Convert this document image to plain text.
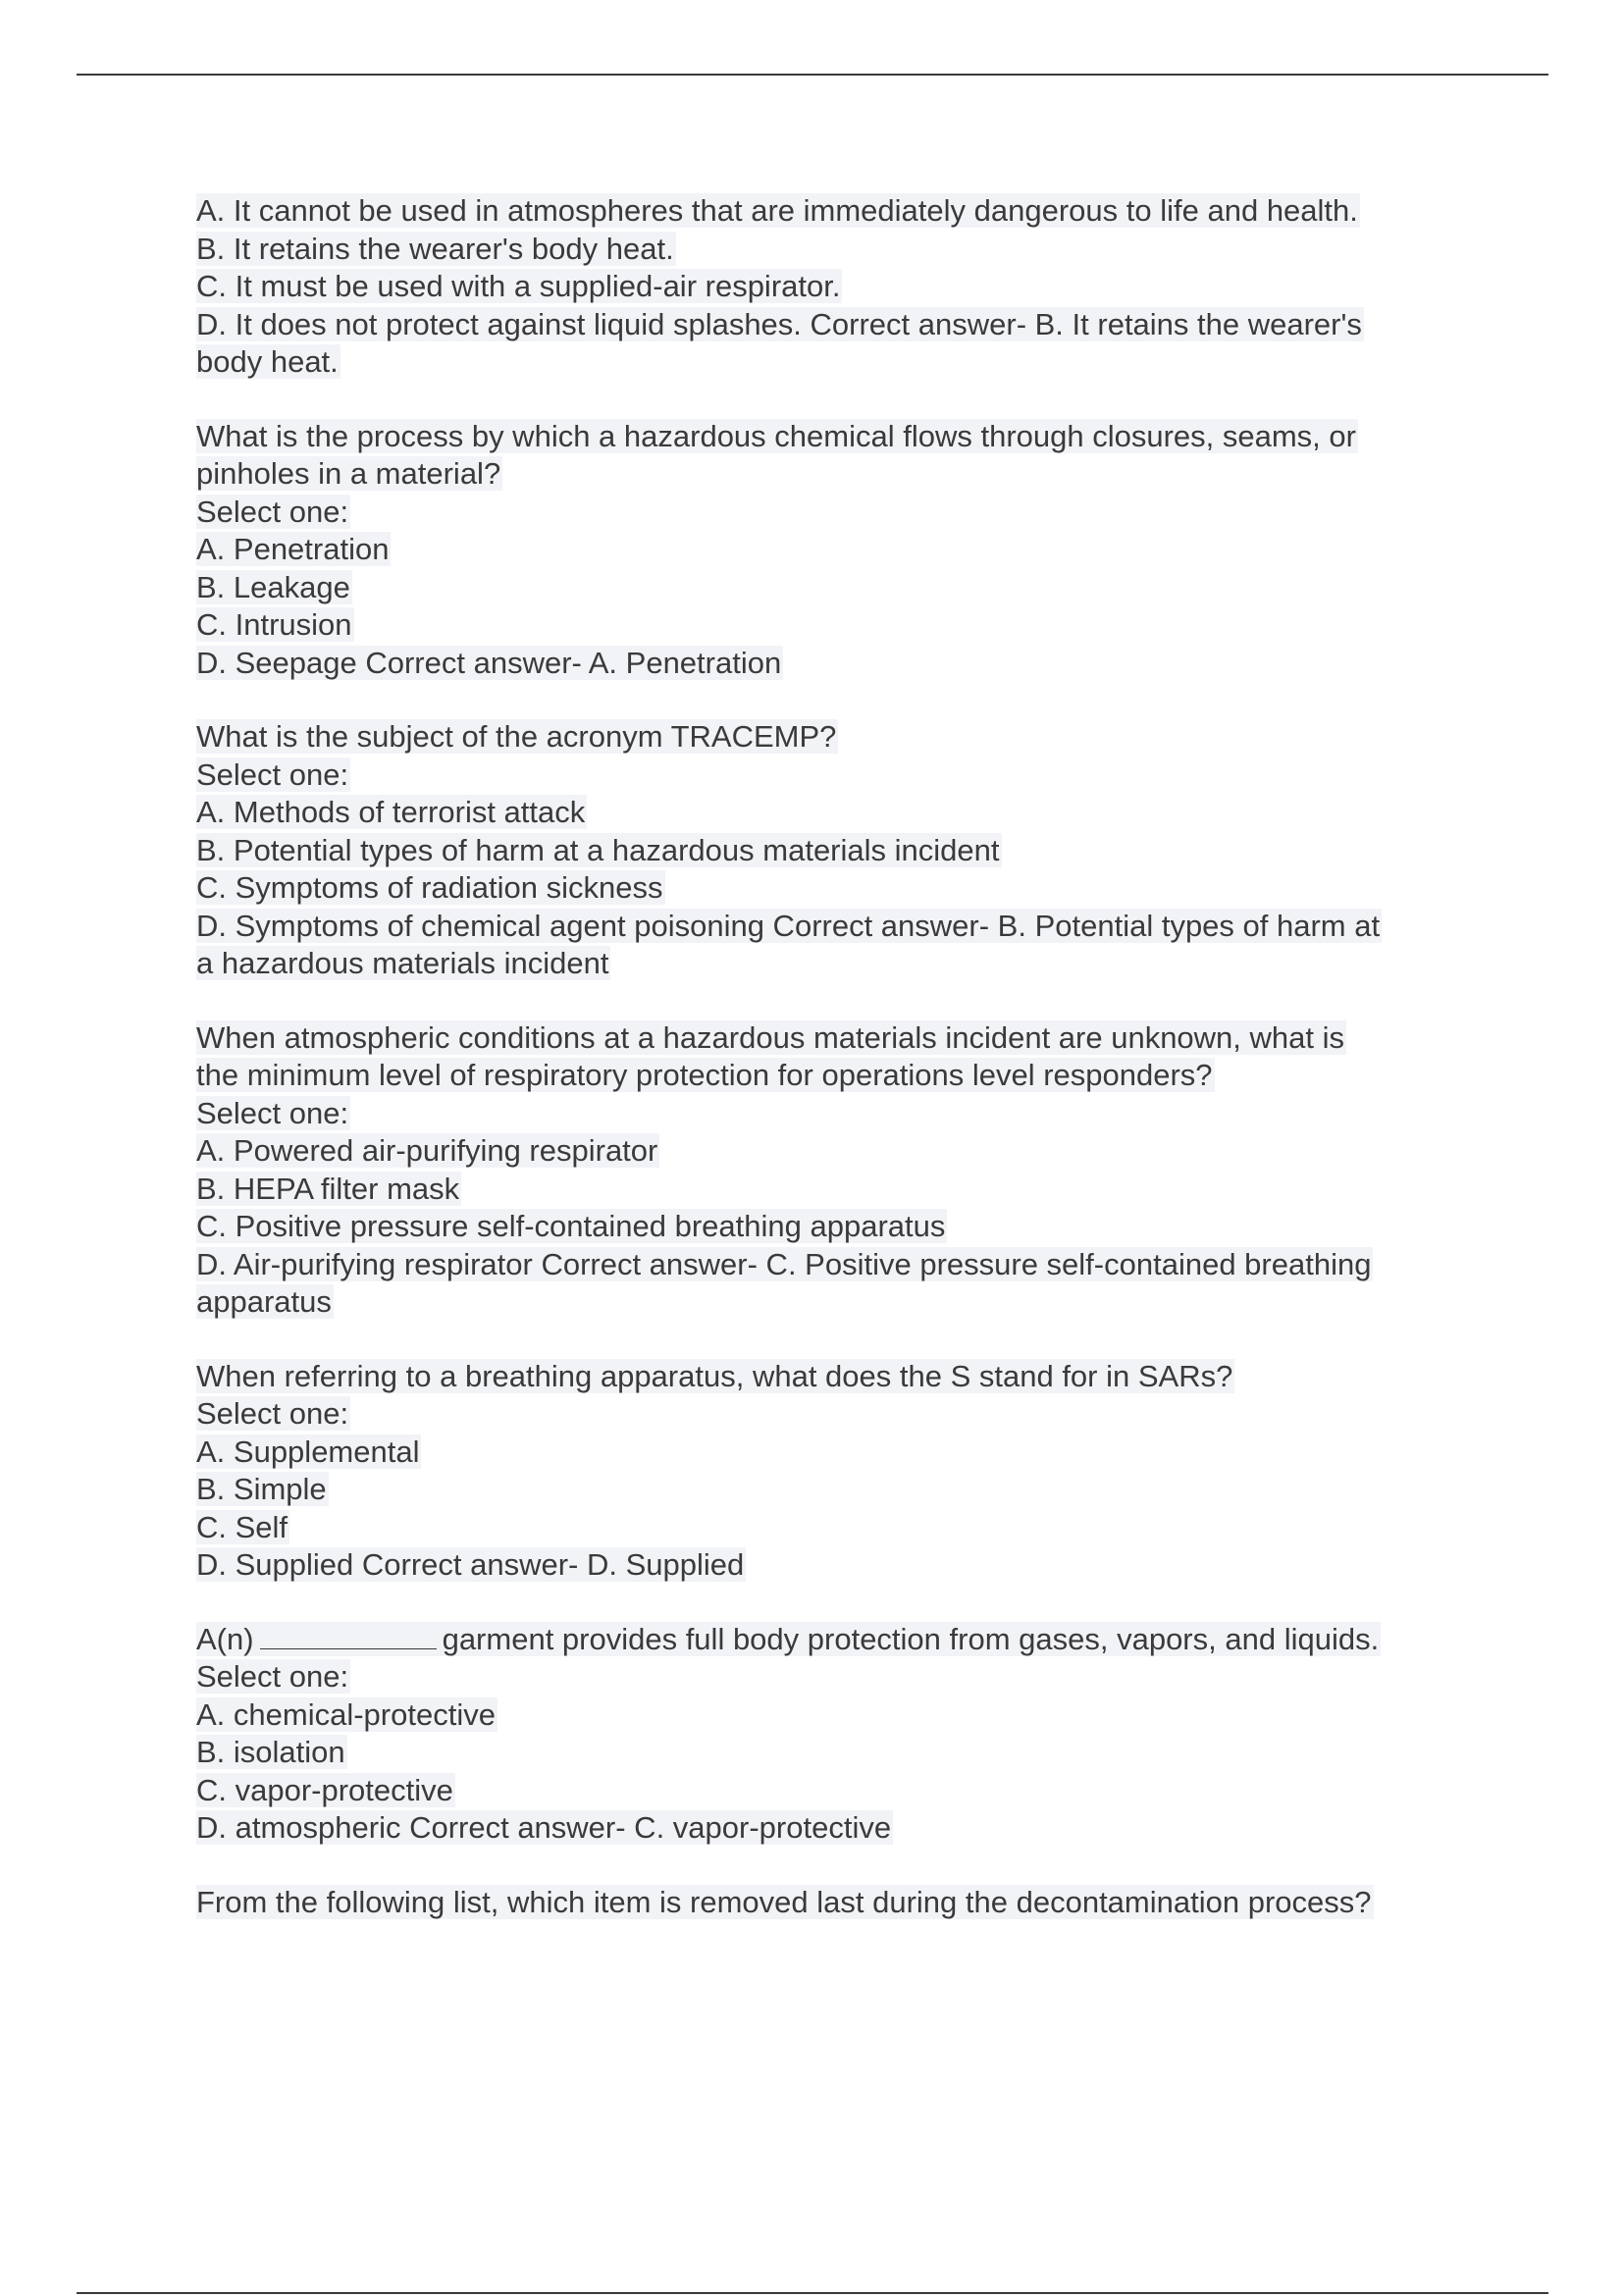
A. It cannot be used in atmospheres that are immediately dangerous to life and health.
B. It retains the wearer's body heat.
C. It must be used with a supplied-air respirator.
D. It does not protect against liquid splashes. Correct answer- B. It retains the wearer's
body heat.
What is the process by which a hazardous chemical flows through closures, seams, or
pinholes in a material?
Select one:
A. Penetration
B. Leakage
C. Intrusion
D. Seepage Correct answer- A. Penetration
What is the subject of the acronym TRACEMP?
Select one:
A. Methods of terrorist attack
B. Potential types of harm at a hazardous materials incident
C. Symptoms of radiation sickness
D. Symptoms of chemical agent poisoning Correct answer- B. Potential types of harm at
a hazardous materials incident
When atmospheric conditions at a hazardous materials incident are unknown, what is
the minimum level of respiratory protection for operations level responders?
Select one:
A. Powered air-purifying respirator
B. HEPA filter mask
C. Positive pressure self-contained breathing apparatus
D. Air-purifying respirator Correct answer- C. Positive pressure self-contained breathing
apparatus
When referring to a breathing apparatus, what does the S stand for in SARs?
Select one:
A. Supplemental
B. Simple
C. Self
D. Supplied Correct answer- D. Supplied
A(n)	garment provides full body protection from gases, vapors, and liquids.
Select one:
A. chemical-protective
B. isolation
C. vapor-protective
D. atmospheric Correct answer- C. vapor-protective
From the following list, which item is removed last during the decontamination process?
